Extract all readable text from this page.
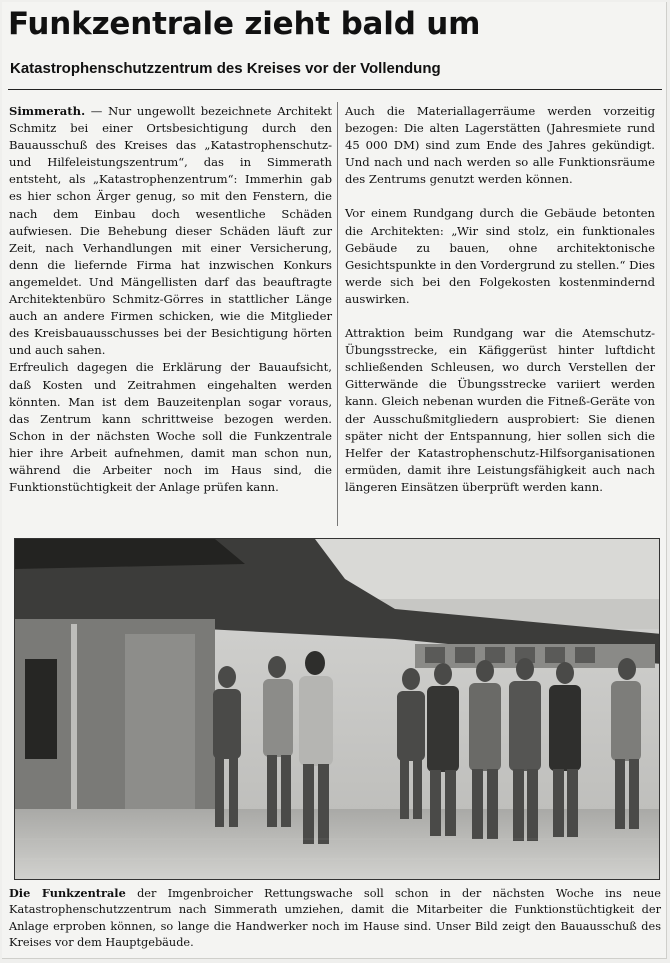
Funkzentrale zieht bald um
Katastrophenschutzzentrum des Kreises vor der Vollendung

Simmerath. — Nur ungewollt bezeichnete Architekt Schmitz bei einer Ortsbesichtigung durch den Bauausschuß des Kreises das „Katastrophenschutz- und Hilfeleistungszentrum“, das in Simmerath entsteht, als „Katastrophenzentrum“: Immerhin gab es hier schon Ärger genug, so mit den Fenstern, die nach dem Einbau doch wesentliche Schäden aufwiesen. Die Behebung dieser Schäden läuft zur Zeit, nach Verhandlungen mit einer Versicherung, denn die liefernde Firma hat inzwischen Konkurs angemeldet. Und Mängellisten darf das beauftragte Architektenbüro Schmitz-Görres in stattlicher Länge auch an andere Firmen schicken, wie die Mitglieder des Kreisbauausschusses bei der Besichtigung hörten und auch sahen.

Erfreulich dagegen die Erklärung der Bauaufsicht, daß Kosten und Zeitrahmen eingehalten werden könnten. Man ist dem Bauzeitenplan sogar voraus, das Zentrum kann schrittweise bezogen werden. Schon in der nächsten Woche soll die Funkzentrale hier ihre Arbeit aufnehmen, damit man schon nun, während die Arbeiter noch im Haus sind, die Funktionstüchtigkeit der Anlage prüfen kann.

Auch die Materiallagerräume werden vorzeitig bezogen: Die alten Lagerstätten (Jahresmiete rund 45 000 DM) sind zum Ende des Jahres gekündigt. Und nach und nach werden so alle Funktionsräume des Zentrums genutzt werden können.

Vor einem Rundgang durch die Gebäude betonten die Architekten: „Wir sind stolz, ein funktionales Gebäude zu bauen, ohne architektonische Gesichtspunkte in den Vordergrund zu stellen.“ Dies werde sich bei den Folgekosten kostenmindernd auswirken.

Attraktion beim Rundgang war die Atemschutz-Übungsstrecke, ein Käfiggerüst hinter luftdicht schließenden Schleusen, wo durch Verstellen der Gitterwände die Übungsstrecke variiert werden kann. Gleich nebenan wurden die Fitneß-Geräte von der Ausschußmitgliedern ausprobiert: Sie dienen später nicht der Entspannung, hier sollen sich die Helfer der Katastrophenschutz-Hilfsorganisationen ermüden, damit ihre Leistungsfähigkeit auch nach längeren Einsätzen überprüft werden kann.

Die Funkzentrale der Imgenbroicher Rettungswache soll schon in der nächsten Woche ins neue Katastrophenschutzzentrum nach Simmerath umziehen, damit die Mitarbeiter die Funktionstüchtigkeit der Anlage erproben können, so lange die Handwerker noch im Hause sind. Unser Bild zeigt den Bauausschuß des Kreises vor dem Hauptgebäude.
